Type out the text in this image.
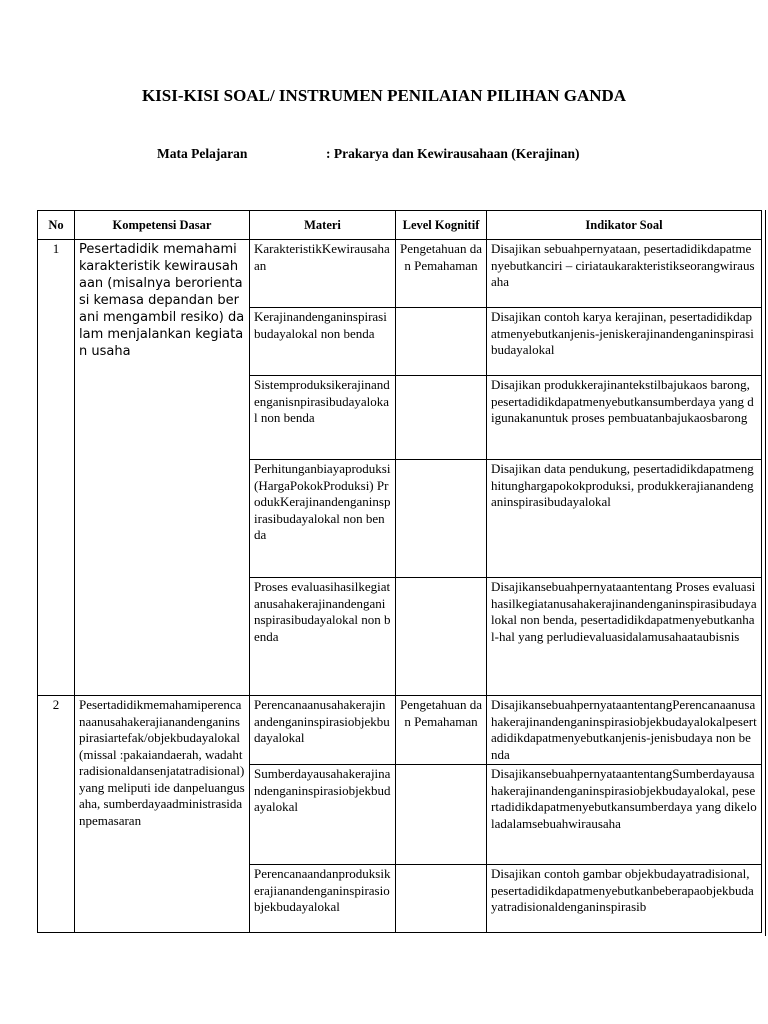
KISI-KISI SOAL/ INSTRUMEN PENILAIAN PILIHAN GANDA
Mata Pelajaran	: Prakarya dan Kewirausahaan (Kerajinan)
No	Kompetensi Dasar	Materi	Level Kognitif	Indikator Soal
1	Pesertadidik memahami karakteristik kewirausahaan (misalnya berorientasi kemasa depandan berani mengambil resiko) dalam menjalankan kegiatan usaha	KarakteristikKewirausahaan	Pengetahuan dan Pemahaman	Disajikan sebuahpernyataan, pesertadidikdapatmenyebutkanciri – ciriataukarakteristikseorangwirausaha
		Kerajinandenganinspirasibudayalokal non benda		Disajikan contoh karya kerajinan, pesertadidikdapatmenyebutkanjenis-jeniskerajinandenganinspirasibudayalokal
		Sistemproduksikerajinandenganisnpirasibudayalokal non benda		Disajikan produkkerajinantekstilbajukaos barong, pesertadidikdapatmenyebutkansumberdaya yang digunakanuntuk proses pembuatanbajukaosbarong
		Perhitunganbiayaproduksi (HargaPokokProduksi) ProdukKerajinandenganinspirasibudayalokal non benda		Disajikan data pendukung, pesertadidikdapatmenghitunghargapokokproduksi, produkkerajianandenganinspirasibudayalokal
		Proses evaluasihasilkegiatanusahakerajinandenganinspirasibudayalokal non benda		Disajikansebuahpernyataantentang Proses evaluasihasilkegiatanusahakerajinandenganinspirasibudayalokal non benda, pesertadidikdapatmenyebutkanhal-hal yang perludievaluasidalamusahaataubisnis
2	Pesertadidikmemahamiperencanaanusahakerajianandenganinspirasiartefak/objekbudayalokal (missal :pakaiandaerah, wadahtradisionaldansenjatatradisional) yang meliputi ide danpeluangusaha, sumberdayaadministrasidanpemasaran	Perencanaanusahakerajinandenganinspirasiobjekbudayalokal	Pengetahuan dan Pemahaman	DisajikansebuahpernyataantentangPerencanaanusahakerajinandenganinspirasiobjekbudayalokalpesertadidikdapatmenyebutkanjenis-jenisbudaya non benda
		Sumberdayausahakerajinandenganinspirasiobjekbudayalokal		DisajikansebuahpernyataantentangSumberdayausahakerajinandenganinspirasiobjekbudayalokal, pesertadidikdapatmenyebutkansumberdaya yang dikeloladalamsebuahwirausaha
		Perencanaandanproduksikerajianandenganinspirasiobjekbudayalokal		Disajikan contoh gambar objekbudayatradisional, pesertadidikdapatmenyebutkanbeberapaobjekbudayatradisionaldenganinspirasib
